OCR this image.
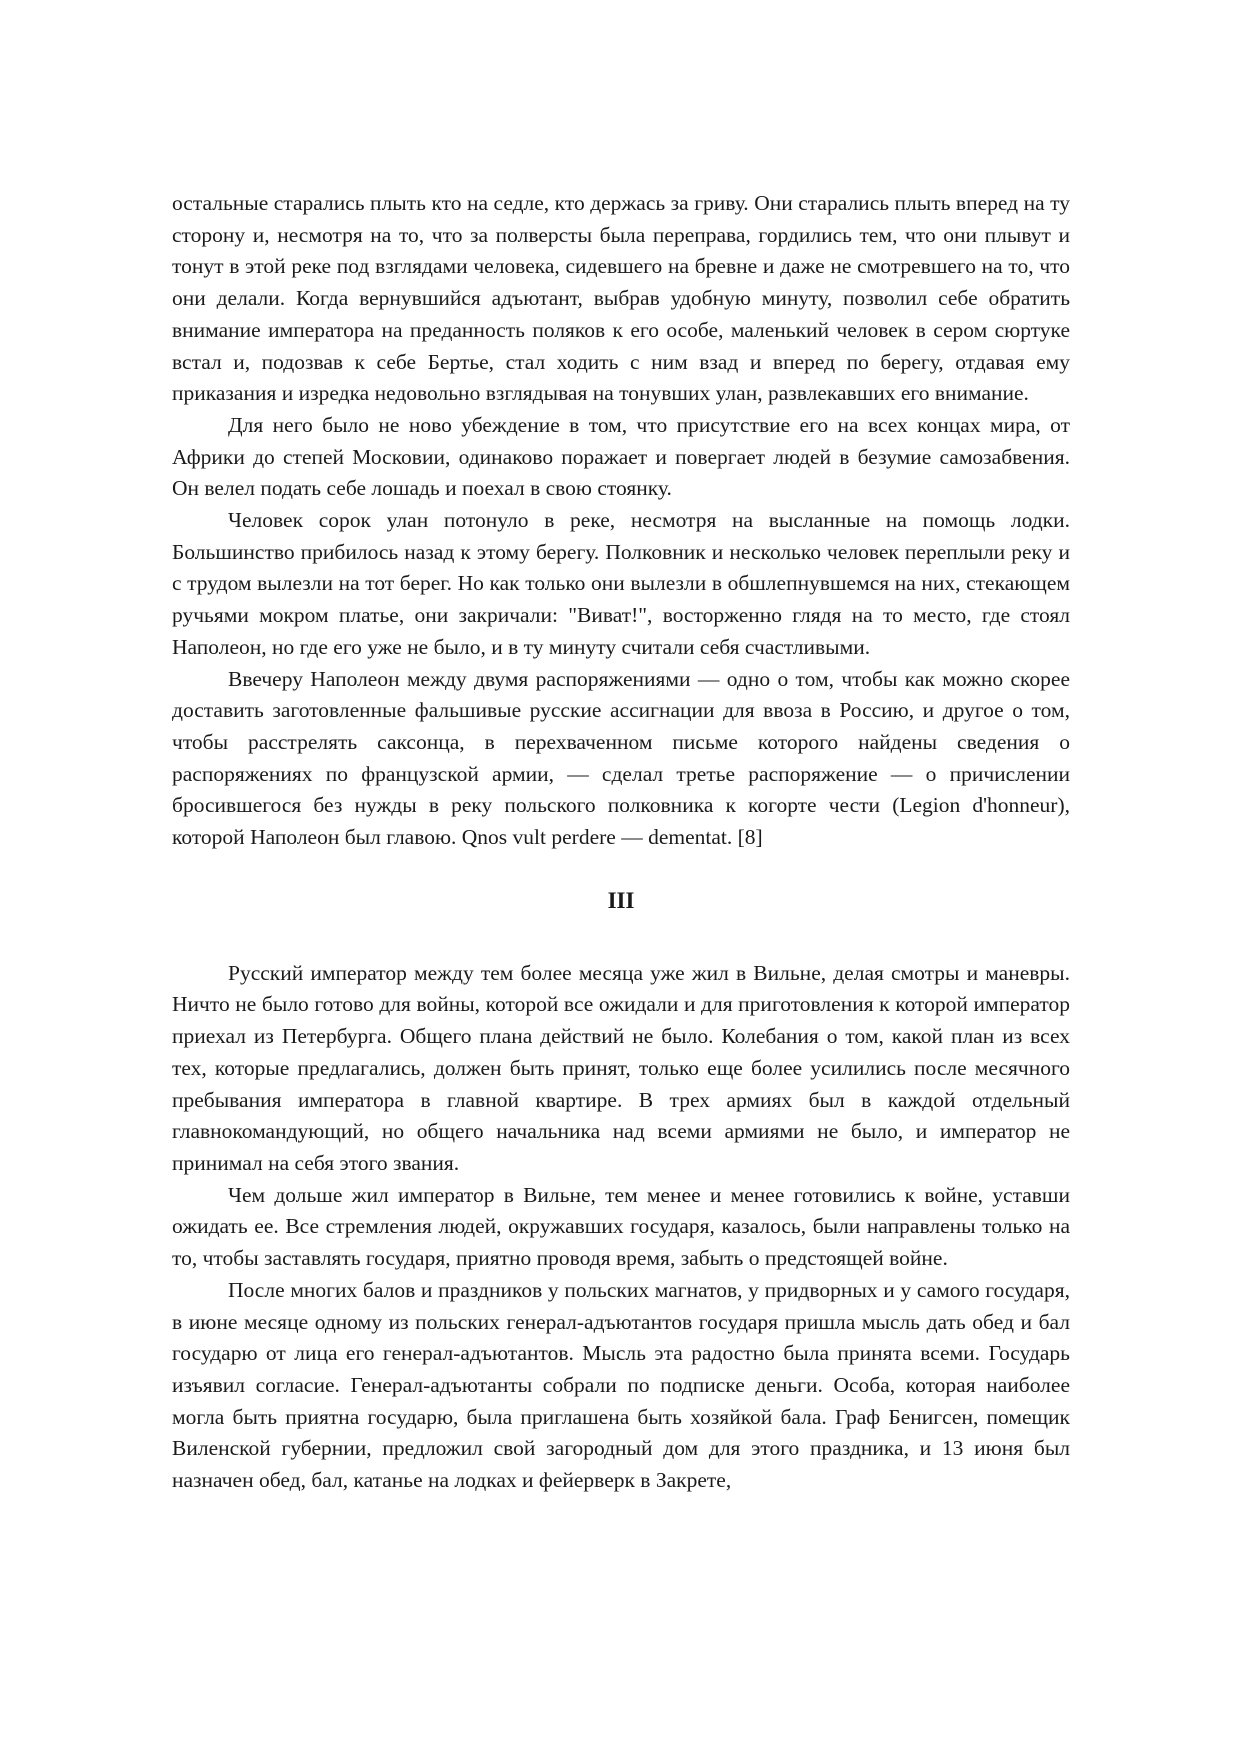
остальные старались плыть кто на седле, кто держась за гриву. Они старались плыть вперед на ту сторону и, несмотря на то, что за полверсты была переправа, гордились тем, что они плывут и тонут в этой реке под взглядами человека, сидевшего на бревне и даже не смотревшего на то, что они делали. Когда вернувшийся адъютант, выбрав удобную минуту, позволил себе обратить внимание императора на преданность поляков к его особе, маленький человек в сером сюртуке встал и, подозвав к себе Бертье, стал ходить с ним взад и вперед по берегу, отдавая ему приказания и изредка недовольно взглядывая на тонувших улан, развлекавших его внимание.

Для него было не ново убеждение в том, что присутствие его на всех концах мира, от Африки до степей Московии, одинаково поражает и повергает людей в безумие самозабвения. Он велел подать себе лошадь и поехал в свою стоянку.

Человек сорок улан потонуло в реке, несмотря на высланные на помощь лодки. Большинство прибилось назад к этому берегу. Полковник и несколько человек переплыли реку и с трудом вылезли на тот берег. Но как только они вылезли в обшлепнувшемся на них, стекающем ручьями мокром платье, они закричали: "Виват!", восторженно глядя на то место, где стоял Наполеон, но где его уже не было, и в ту минуту считали себя счастливыми.

Ввечеру Наполеон между двумя распоряжениями — одно о том, чтобы как можно скорее доставить заготовленные фальшивые русские ассигнации для ввоза в Россию, и другое о том, чтобы расстрелять саксонца, в перехваченном письме которого найдены сведения о распоряжениях по французской армии, — сделал третье распоряжение — о причислении бросившегося без нужды в реку польского полковника к когорте чести (Legion d'honneur), которой Наполеон был главою. Qnos vult perdere — dementat. [8]

III

Русский император между тем более месяца уже жил в Вильне, делая смотры и маневры. Ничто не было готово для войны, которой все ожидали и для приготовления к которой император приехал из Петербурга. Общего плана действий не было. Колебания о том, какой план из всех тех, которые предлагались, должен быть принят, только еще более усилились после месячного пребывания императора в главной квартире. В трех армиях был в каждой отдельный главнокомандующий, но общего начальника над всеми армиями не было, и император не принимал на себя этого звания.

Чем дольше жил император в Вильне, тем менее и менее готовились к войне, уставши ожидать ее. Все стремления людей, окружавших государя, казалось, были направлены только на то, чтобы заставлять государя, приятно проводя время, забыть о предстоящей войне.

После многих балов и праздников у польских магнатов, у придворных и у самого государя, в июне месяце одному из польских генерал-адъютантов государя пришла мысль дать обед и бал государю от лица его генерал-адъютантов. Мысль эта радостно была принята всеми. Государь изъявил согласие. Генерал-адъютанты собрали по подписке деньги. Особа, которая наиболее могла быть приятна государю, была приглашена быть хозяйкой бала. Граф Бенигсен, помещик Виленской губернии, предложил свой загородный дом для этого праздника, и 13 июня был назначен обед, бал, катанье на лодках и фейерверк в Закрете,
